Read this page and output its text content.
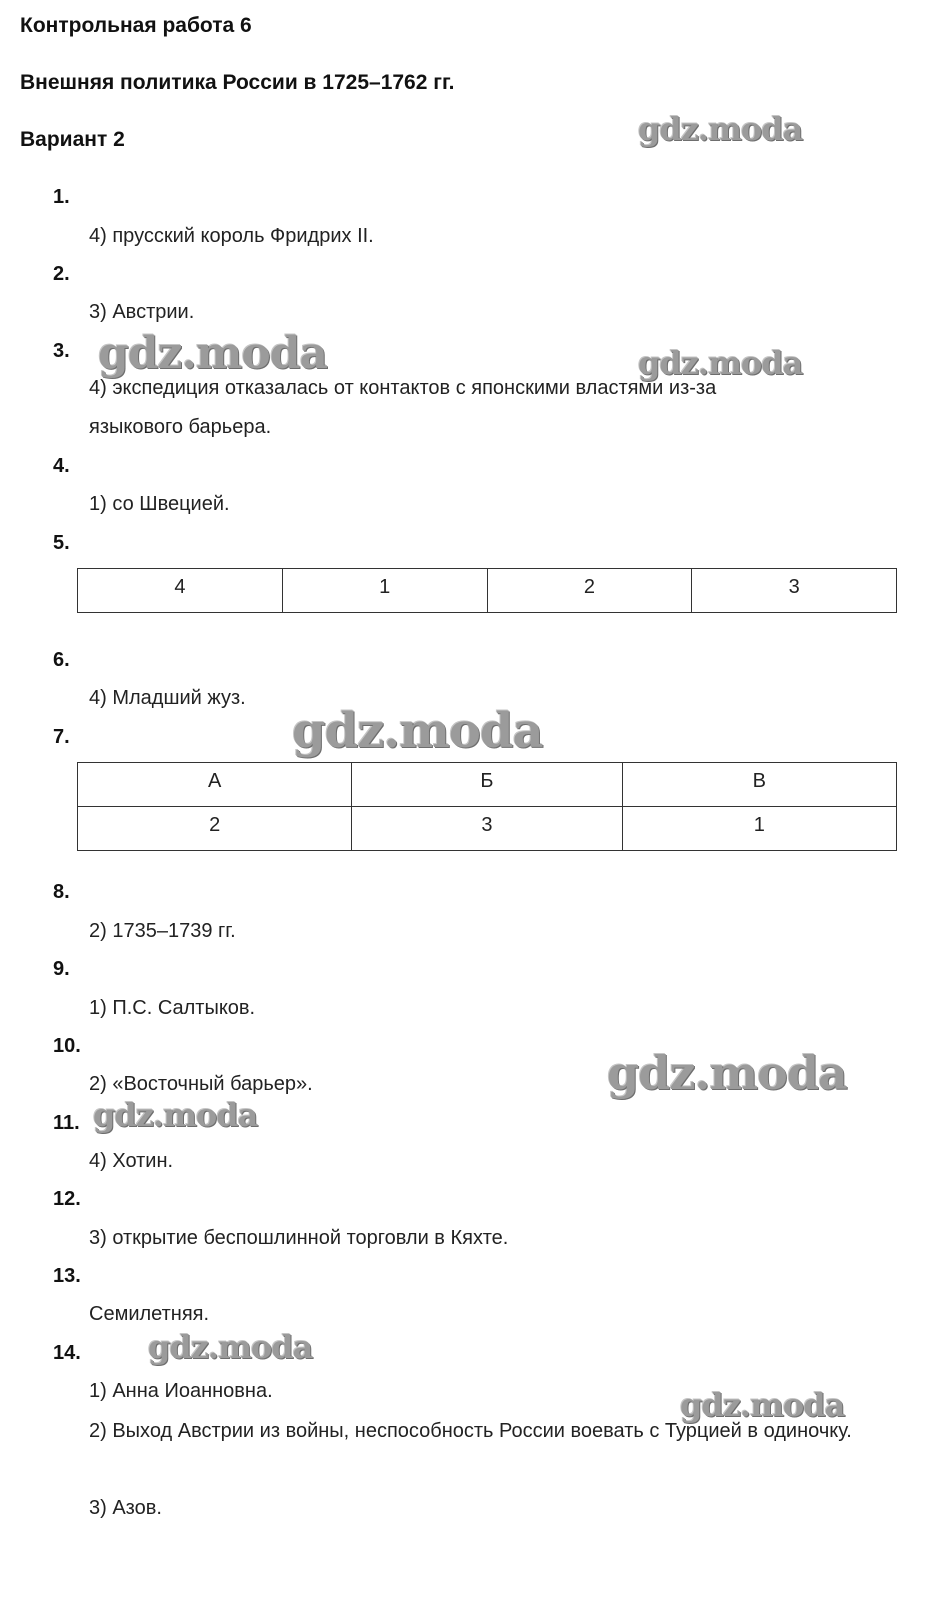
Контрольная работа 6
Внешняя политика России в 1725–1762 гг.
Вариант 2
1.
4) прусский король Фридрих II.
2.
3) Австрии.
3.
4) экспедиция отказалась от контактов с японскими властями из-за языкового барьера.
4.
1) со Швецией.
5.
4	1	2	3
6.
4) Младший жуз.
7.
А	Б	В
2	3	1
8.
2) 1735–1739 гг.
9.
1) П.С. Салтыков.
10.
2) «Восточный барьер».
11.
4) Хотин.
12.
3) открытие беспошлинной торговли в Кяхте.
13.
Семилетняя.
14.
1) Анна Иоанновна.
2) Выход Австрии из войны, неспособность России воевать с Турцией в одиночку.
3) Азов.
gdz.moda
gdz.moda	gdz.moda
gdz.moda
gdz.moda
gdz.moda
gdz.moda
gdz.moda
